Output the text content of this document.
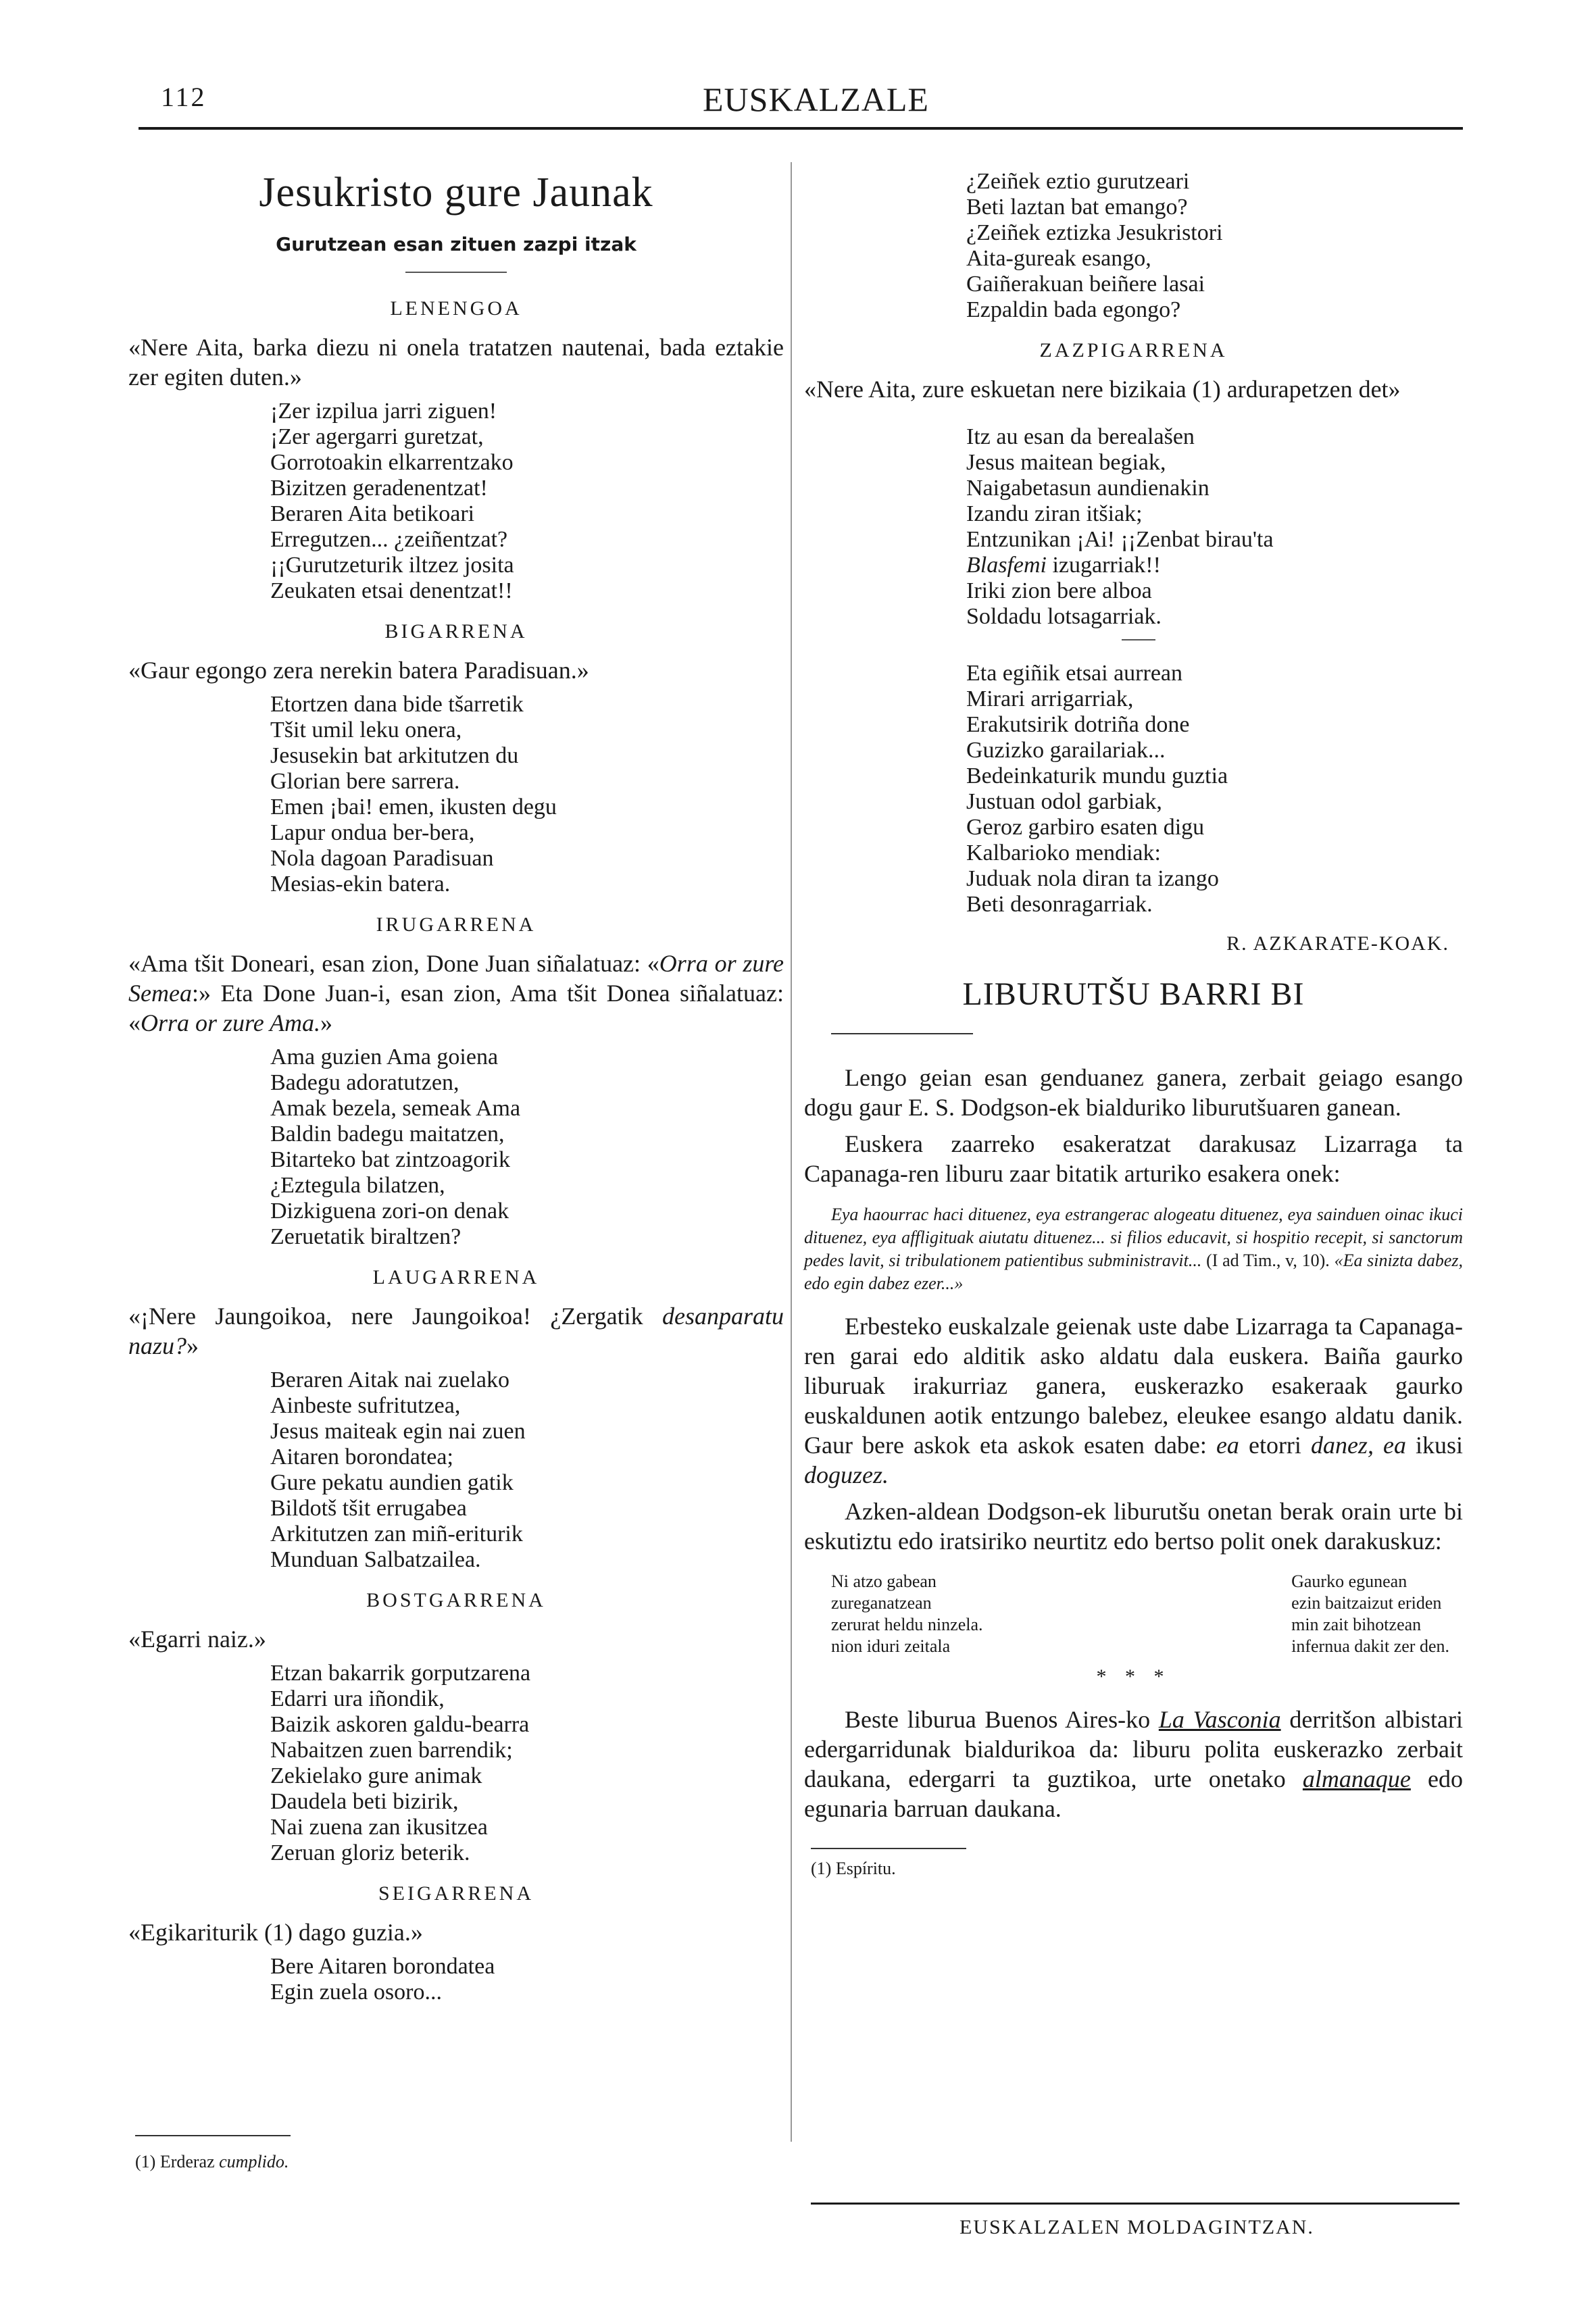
112	EUSKALZALE
Jesukristo gure Jaunak
Gurutzean esan zituen zazpi itzak
LENENGOA

«Nere Aita, barka diezu ni onela tratatzen nautenai, bada eztakie zer egiten duten.»

¡Zer izpilua jarri ziguen!
¡Zer agergarri guretzat,
Gorrotoakin elkarrentzako
Bizitzen geradenentzat!
Beraren Aita betikoari
Erregutzen... ¿zeiñentzat?
¡¡Gurutzeturik iltzez josita
Zeukaten etsai denentzat!!
BIGARRENA

«Gaur egongo zera nerekin batera Paradisuan.»

Etortzen dana bide tšarretik
Tšit umil leku onera,
Jesusekin bat arkitutzen du
Glorian bere sarrera.
Emen ¡bai! emen, ikusten degu
Lapur ondua ber-bera,
Nola dagoan Paradisuan
Mesias-ekin batera.
IRUGARRENA

«Ama tšit Doneari, esan zion, Done Juan siñalatuaz: «Orra or zure Semea:» Eta Done Juan-i, esan zion, Ama tšit Donea siñalatuaz: «Orra or zure Ama.»

Ama guzien Ama goiena
Badegu adoratutzen,
Amak bezela, semeak Ama
Baldin badegu maitatzen,
Bitarteko bat zintzoagorik
¿Eztegula bilatzen,
Dizkiguena zori-on denak
Zeruetatik biraltzen?
LAUGARRENA

«¡Nere Jaungoikoa, nere Jaungoikoa! ¿Zergatik desanparatu nazu?»

Beraren Aitak nai zuelako
Ainbeste sufritutzea,
Jesus maiteak egin nai zuen
Aitaren borondatea;
Gure pekatu aundien gatik
Bildotš tšit errugabea
Arkitutzen zan miñ-eriturik
Munduan Salbatzailea.
BOSTGARRENA

«Egarri naiz.»

Etzan bakarrik gorputzarena
Edarri ura iñondik,
Baizik askoren galdu-bearra
Nabaitzen zuen barrendik;
Zekielako gure animak
Daudela beti bizirik,
Nai zuena zan ikusitzea
Zeruan gloriz beterik.
SEIGARRENA

«Egikariturik (1) dago guzia.»

Bere Aitaren borondatea
Egin zuela osoro...
(1) Erderaz cumplido.
¿Zeiñek eztio gurutzeari
Beti laztan bat emango?
¿Zeiñek eztizka Jesukristori
Aita-gureak esango,
Gaiñerakuan beiñere lasai
Ezpaldin bada egongo?
ZAZPIGARRENA

«Nere Aita, zure eskuetan nere bizikaia (1) ardurapetzen det»

Itz au esan da berealašen
Jesus maitean begiak,
Naigabetasun aundienakin
Izandu ziran itšiak;
Entzunikan ¡Ai! ¡¡Zenbat birau'ta
Blasfemi izugarriak!!
Iriki zion bere alboa
Soldadu lotsagarriak.
Eta egiñik etsai aurrean
Mirari arrigarriak,
Erakutsirik dotriña done
Guzizko garailariak...
Bedeinkaturik mundu guztia
Justuan odol garbiak,
Geroz garbiro esaten digu
Kalbarioko mendiak:
Juduak nola diran ta izango
Beti desonragarriak.
R. AZKARATE-KOAK.
LIBURUTŠU BARRI BI

Lengo geian esan genduanez ganera, zerbait geiago esango dogu gaur E. S. Dodgson-ek bialduriko liburutšuaren ganean.

Euskera zaarreko esakeratzat darakusaz Lizarraga ta Capanaga-ren liburu zaar bitatik arturiko esakera onek:

Eya haourrac haci dituenez, eya estrangerac alogeatu dituenez, eya sainduen oinac ikuci dituenez, eya affligituak aiutatu dituenez... si filios educavit, si hospitio recepit, si sanctorum pedes lavit, si tribulationem patientibus subministravit... (I ad Tim., v, 10). «Ea sinizta dabez, edo egin dabez ezer...»

Erbesteko euskalzale geienak uste dabe Lizarraga ta Capanaga-ren garai edo alditik asko aldatu dala euskera. Baiña gaurko liburuak irakurriaz ganera, euskerazko esakeraak gaurko euskaldunen aotik entzungo balebez, eleukee esango aldatu danik. Gaur bere askok eta askok esaten dabe: ea etorri danez, ea ikusi doguzez.

Azken-aldean Dodgson-ek liburutšu onetan berak orain urte bi eskutiztu edo iratsiriko neurtitz edo bertso polit onek darakuskuz:

Ni atzo gabean
zureganatzean
zerurat heldu ninzela.
nion iduri zeitala
Gaurko egunean
ezin baitzaizut eriden
min zait bihotzean
infernua dakit zer den.
* * *

Beste liburua Buenos Aires-ko La Vasconia derritšon albistari edergarridunak bialdurikoa da: liburu polita euskerazko zerbait daukana, edergarri ta guztikoa, urte onetako almanaque edo egunaria barruan daukana.

(1) Espíritu.
EUSKALZALEN MOLDAGINTZAN.
